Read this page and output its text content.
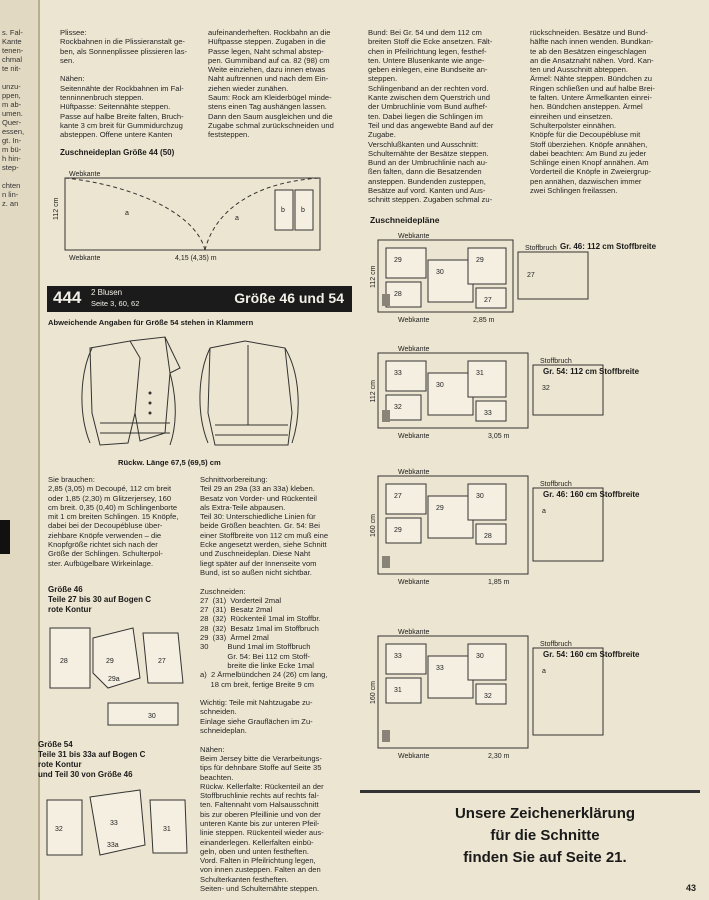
s. Fal-
Kante
tenen-
chmal
te nit-
unzu-
ppen,
m ab-
umen.
Quer-
essen,
gt. In-
m bü-
h hin-
step-
chten
n lin-
z. an
Plissee:
Rockbahnen in die Plissieranstalt ge-
ben, als Sonnenplissee plissieren las-
sen.

Nähen:
Seitennähte der Rockbahnen im Fal-
tenninnenbruch steppen.
Hüftpasse: Seitennähte steppen.
Passe auf halbe Breite falten, Bruch-
kante 3 cm breit für Gummidurchzug
absteppen. Offene untere Kanten
aufeinanderheften. Rockbahn an die
Hüftpasse steppen. Zugaben in die
Passe legen, Naht schmal abstep-
pen. Gummiband auf ca. 82 (98) cm
Weite einziehen, dazu innen etwas
Naht auftrennen und nach dem Ein-
ziehen wieder zunähen.
Saum: Rock am Kleiderbügel minde-
stens einen Tag aushängen lassen.
Dann den Saum ausgleichen und die
Zugabe schmal zurückschneiden und
feststeppen.
Zuschneideplan Größe 44 (50)
112 cm
Webkante
Webkante
a
a
b b
4,15 (4,35) m
444 2 Blusen
Seite 3, 60, 62	Größe 46 und 54
Abweichende Angaben für Größe 54 stehen in Klammern
Rückw. Länge 67,5 (69,5) cm
Sie brauchen:
2,85 (3,05) m Decoupé, 112 cm breit
oder 1,85 (2,30) m Glitzerjersey, 160
cm breit. 0,35 (0,40) m Schlingenborte
mit 1 cm breiten Schlingen. 15 Knöpfe,
dabei bei der Decoupébluse über-
ziehbare Knöpfe verwenden – die
Knopfgröße richtet sich nach der
Größe der Schlingen. Schulterpol-
ster. Aufbügelbare Wirkeinlage.
Größe 46
Teile 27 bis 30 auf Bogen C
rote Kontur
28	29
29a
27
30
Größe 54
Teile 31 bis 33a auf Bogen C
rote Kontur
und Teil 30 von Größe 46
32
33
33a
31
Schnittvorbereitung:
Teil 29 an 29a (33 an 33a) kleben.
Besatz von Vorder- und Rückenteil
als Extra-Teile abpausen.
Teil 30: Unterschiedliche Linien für
beide Größen beachten. Gr. 54: Bei
einer Stoffbreite von 112 cm muß eine
Ecke angesetzt werden, siehe Schnitt
und Zuschneideplan. Diese Naht
liegt später auf der Innenseite vom
Bund, ist so außen nicht sichtbar.

Zuschneiden:
27  (31)  Vorderteil 2mal
27  (31)  Besatz 2mal
28  (32)  Rückenteil 1mal im Stoffbr.
28  (32)  Besatz 1mal im Stoffbruch
29  (33)  Ärmel 2mal
30         Bund 1mal im Stoffbruch
Gr. 54: Bei 112 cm Stoff-
breite die linke Ecke 1mal
a)  2 Ärmelbündchen 24 (26) cm lang,
18 cm breit, fertige Breite 9 cm

Wichtig: Teile mit Nahtzugabe zu-
schneiden.
Einlage siehe Grauflächen im Zu-
schneideplan.

Nähen:
Beim Jersey bitte die Verarbeitungs-
tips für dehnbare Stoffe auf Seite 35
beachten.
Rückw. Kellerfalte: Rückenteil an der
Stoffbruchlinie rechts auf rechts fal-
ten. Faltennaht vom Halsausschnitt
bis zur oberen Pfeillinie und von der
unteren Kante bis zur unteren Pfeil-
linie steppen. Rückenteil wieder aus-
einanderlegen. Kellerfalten einbü-
geln, oben und unten festheften.
Vord. Falten in Pfeilrichtung legen,
von innen zusteppen. Falten an den
Schulterkanten festheften.
Seiten- und Schulternähte steppen.
Bund: Bei Gr. 54 und dem 112 cm
breiten Stoff die Ecke ansetzen. Fält-
chen in Pfeilrichtung legen, festhef-
ten. Untere Blusenkante wie ange-
geben einlegen, eine Bundseite an-
steppen.
Schlingenband an der rechten vord.
Kante zwischen dem Querstrich und
der Umbruchlinie vom Bund aufhef-
ten. Dabei liegen die Schlingen im
Teil und das angewebte Band auf der
Zugabe.
Verschlußkanten und Ausschnitt:
Schulternähte der Besätze steppen.
Bund an der Umbruchlinie nach au-
ßen falten, dann die Besatzenden
ansteppen. Bundenden zusteppen,
Besätze auf vord. Kanten und Aus-
schnitt steppen. Zugaben schmal zu-
rückschneiden. Besätze und Bund-
hälfte nach innen wenden. Bundkan-
te ab den Besätzen eingeschlagen
an die Ansatznaht nähen. Vord. Kan-
ten und Ausschnitt abteppen.
Ärmel: Nähte steppen. Bündchen zu
Ringen schließen und auf halbe Brei-
te falten. Untere Ärmelkanten einrei-
hen. Bündchen ansteppen. Ärmel
einreihen und einsetzen.
Schulterpolster einnähen.
Knöpfe für die Decoupébluse mit
Stoff überziehen. Knöpfe annähen,
dabei beachten: Am Bund zu jeder
Schlinge einen Knopf annähen. Am
Vorderteil die Knöpfe in Zweiergrup-
pen annähen, dazwischen immer
zwei Schlingen freilassen.
Zuschneidepläne
29
30
29
28
27
Stoffbruch
27
Webkante
Webkante	2,85 m
112 cm
Gr. 46: 112 cm Stoffbreite
33
30
31
32
33
Stoffbruch
32
Webkante
Webkante	3,05 m
112 cm
Gr. 54: 112 cm Stoffbreite
27
29
30
29
28
Stoffbruch
a
Webkante
Webkante	1,85 m
160 cm
Gr. 46: 160 cm Stoffbreite
33
33
30
31
32
Stoffbruch
a
Webkante
Webkante	2,30 m
160 cm
Gr. 54: 160 cm Stoffbreite
Unsere Zeichenerklärung
für die Schnitte
finden Sie auf Seite 21.
43
